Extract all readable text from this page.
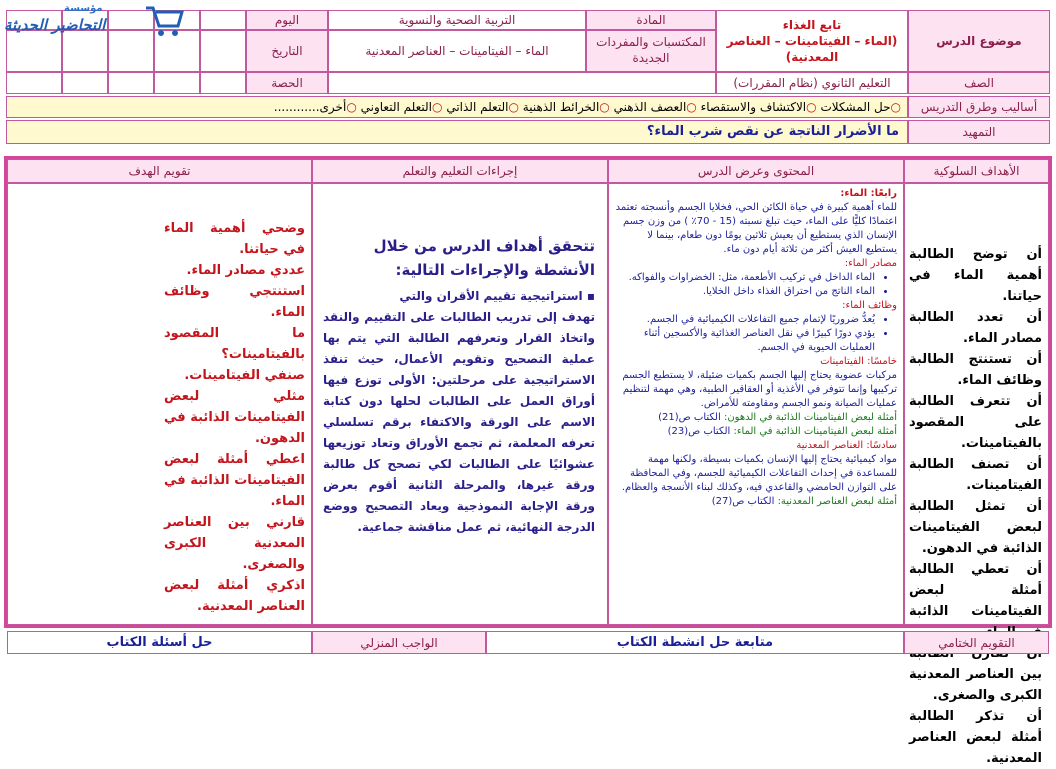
موضوع الدرس
تابع الغذاء
(الماء – الفيتامينات – العناصر المعدنية)
المادة
التربية الصحية والنسوية
اليوم
المكتسبات والمفردات الجديدة
الماء – الفيتامينات – العناصر المعدنية
التاريخ
الصف
التعليم الثانوي (نظام المقررات)
الحصة
أساليب وطرق التدريس
○حل المشكلات ○الاكتشاف والاستقصاء ○العصف الذهني ○الخرائط الذهنية ○التعلم الذاتي ○التعلم التعاوني ○أخرى............
التمهيد
ما الأضرار الناتجة عن نقص شرب الماء؟
مؤسسة
التحاضير الحديثة
الأهداف السلوكية
المحتوى وعرض الدرس
إجراءات التعليم والتعلم
تقويم الهدف

أن توضح الطالبة أهمية الماء في حياتنا.

أن تعدد الطالبة مصادر الماء.

أن تستنتج الطالبة وظائف الماء.

أن تتعرف الطالبة على المقصود بالفيتامينات.

أن تصنف الطالبة الفيتامينات.

أن تمثل الطالبة لبعض الفيتامينات الذائبة في الدهون.

أن تعطي الطالبة أمثلة لبعض الفيتامينات الذائبة

بين العناصر المعدنية الكبرى والصغرى.

أن تذكر الطالبة أمثلة لبعض العناصر المعدنية.

رابعًا: الماء:

للماء أهمية كبيرة في حياة الكائن الحي، فخلايا الجسم وأنسجته تعتمد اعتمادًا كليًّا على الماء، حيث تبلغ نسبته (15 - 70٪ ) من وزن جسم الإنسان الذي يستطيع أن يعيش ثلاثين يومًا دون طعام، بينما لا يستطيع العيش أكثر من ثلاثة أيام دون ماء.

مصادر الماء:

• الماء الداخل في تركيب الأطعمة، مثل: الخضراوات والفواكه.
• الماء الناتج من احتراق الغذاء داخل الخلايا.

وظائف الماء:

• يُعدُّ ضروريًا لإتمام جميع التفاعلات الكيميائية في الجسم.
• يؤدي دورًا كبيرًا في نقل العناصر الغذائية والأكسجين أثناء العمليات الحيوية في الجسم.

خامسًا: الفيتامينات

مركبات عضوية يحتاج إليها الجسم بكميات ضئيلة، لا يستطيع الجسم تركيبها وإنما تتوفر في الأغذية أو العقاقير الطبية، وهي مهمة لتنظيم عمليات الصيانة ونمو الجسم ومقاومته للأمراض.

أمثلة لبعض الفيتامينات الذائبة في الدهون: الكتاب ص(21)

أمثلة لبعض الفيتامينات الذائبة في الماء: الكتاب ص(23)

سادسًا: العناصر المعدنية

مواد كيميائية يحتاج إليها الإنسان بكميات بسيطة، ولكنها مهمة للمساعدة في إحداث التفاعلات الكيميائية للجسم، وفي المحافظة على التوازن الحامضي والقاعدي فيه، وكذلك لبناء الأنسجة والعظام.

أمثلة لبعض العناصر المعدنية: الكتاب ص(27)

تتحقق أهداف الدرس من خلال الأنشطة والإجراءات التالية:

▪ استراتيجية تقييم الأقران والتي

تهدف إلى تدريب الطالبات على التقييم والنقد واتخاذ القرار وتعرفهم الطالبة التي يتم بها عملية التصحيح وتقويم الأعمال، حيث تنفذ الاستراتيجية على مرحلتين: الأولى توزع فيها أوراق العمل على الطالبات لحلها دون كتابة الاسم على الورقة والاكتفاء برقم تسلسلي تعرفه المعلمة، ثم تجمع الأوراق وتعاد توزيعها عشوائيًا على الطالبات لكي تصحح كل طالبة ورقة غيرها، والمرحلة الثانية أقوم بعرض ورقة الإجابة النموذجية ويعاد التصحيح ووضع الدرجة النهائية، ثم عمل مناقشة جماعية.

وضحي أهمية الماء في حياتنا.

عددي مصادر الماء.

استنتجي وظائف الماء.

ما المقصود بالفيتامينات؟

صنفي الفيتامينات.

مثلي لبعض الفيتامينات الذائبة في الدهون.

اعطي أمثلة لبعض الفيتامينات الذائبة في الماء.

قارني بين العناصر المعدنية الكبرى والصغرى.

اذكري أمثلة لبعض العناصر المعدنية.

التقويم الختامي
متابعة حل انشطة الكتاب
الواجب المنزلي
حل أسئلة الكتاب
